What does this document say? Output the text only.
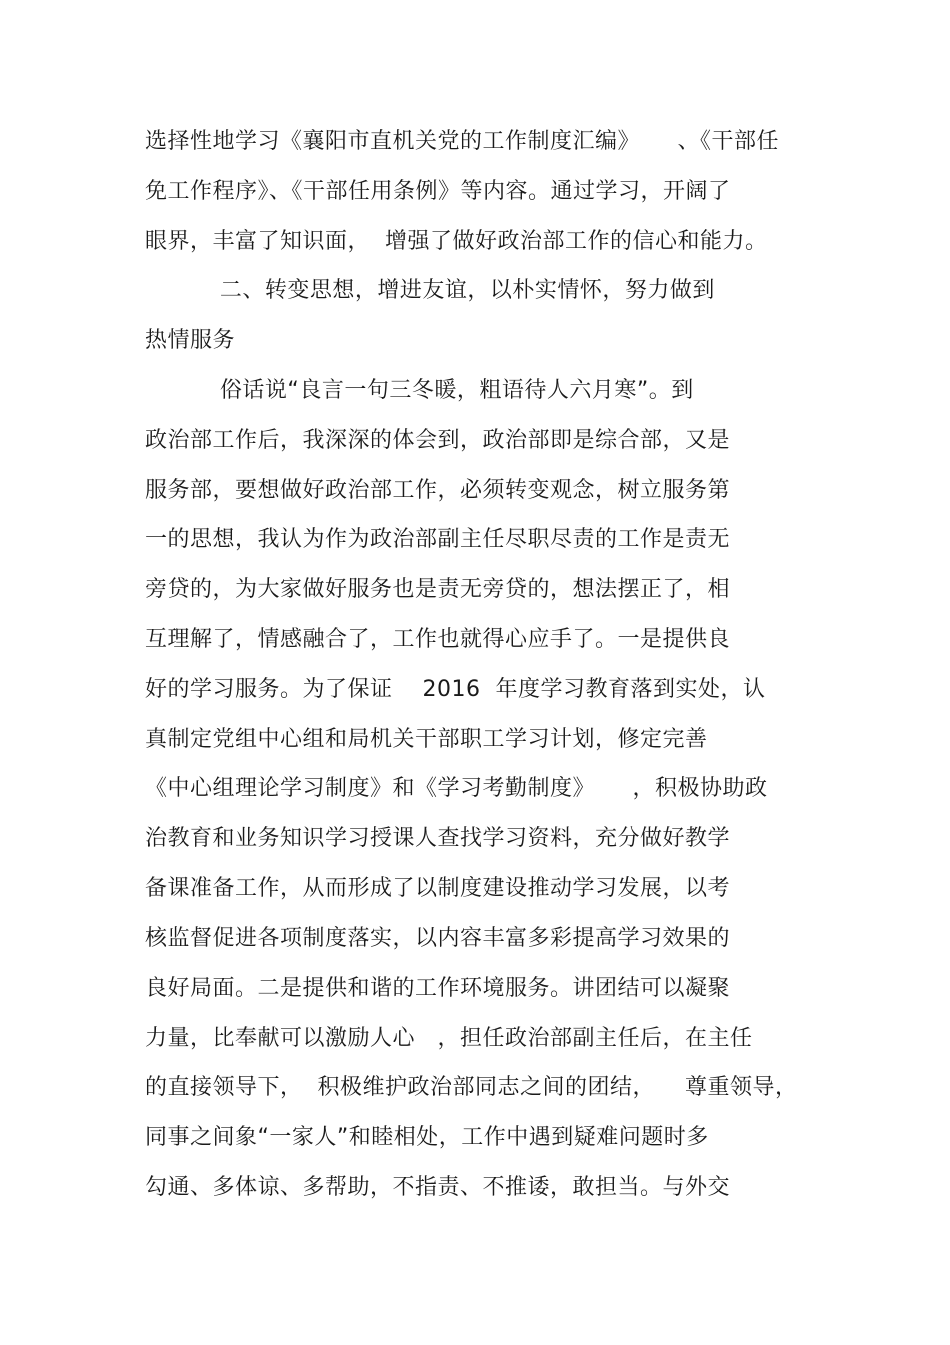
选择性地学习《襄阳市直机关党的工作制度汇编》     、《干部任
免工作程序》、《干部任用条例》等内容。通过学习，开阔了
眼界，丰富了知识面，  增强了做好政治部工作的信心和能力。
二、转变思想，增进友谊，以朴实情怀，努力做到
热情服务
俗话说“良言一句三冬暖，粗语待人六月寒”。到
政治部工作后，我深深的体会到，政治部即是综合部，又是
服务部，要想做好政治部工作，必须转变观念，树立服务第
一的思想，我认为作为政治部副主任尽职尽责的工作是责无
旁贷的，为大家做好服务也是责无旁贷的，想法摆正了，相
互理解了，情感融合了，工作也就得心应手了。一是提供良
好的学习服务。为了保证    2016  年度学习教育落到实处，认
真制定党组中心组和局机关干部职工学习计划，修定完善
《中心组理论学习制度》和《学习考勤制度》     ，积极协助政
治教育和业务知识学习授课人查找学习资料，充分做好教学
备课准备工作，从而形成了以制度建设推动学习发展，以考
核监督促进各项制度落实，以内容丰富多彩提高学习效果的
良好局面。二是提供和谐的工作环境服务。讲团结可以凝聚
力量，比奉献可以激励人心   ，担任政治部副主任后，在主任
的直接领导下，  积极维护政治部同志之间的团结，    尊重领导，
同事之间象“一家人”和睦相处，工作中遇到疑难问题时多
勾通、多体谅、多帮助，不指责、不推诿，敢担当。与外交
